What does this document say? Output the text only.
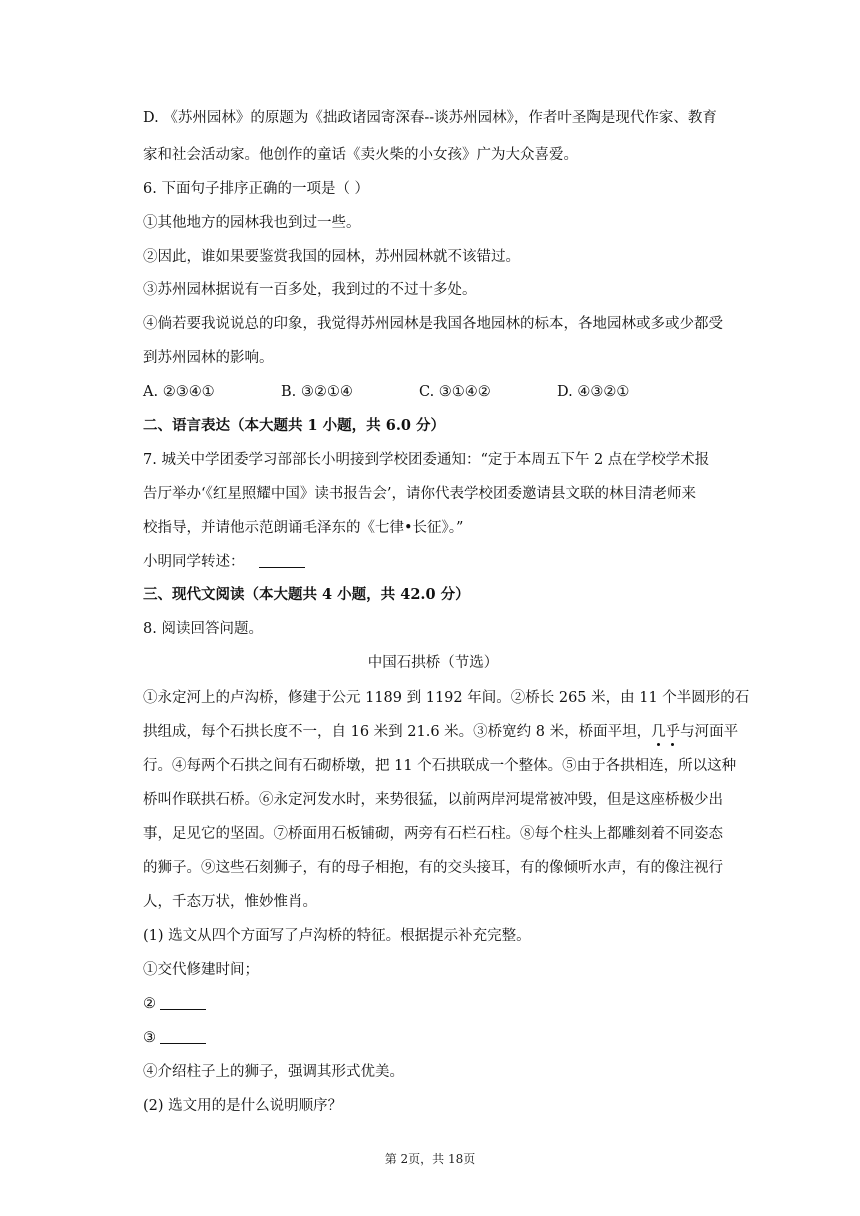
D. 《苏州园林》的原题为《拙政诸园寄深春--谈苏州园林》，作者叶圣陶是现代作家、教育

家和社会活动家。他创作的童话《卖火柴的小女孩》广为大众喜爱。

6. 下面句子排序正确的一项是（ ）

①其他地方的园林我也到过一些。

②因此，谁如果要鉴赏我国的园林，苏州园林就不该错过。

③苏州园林据说有一百多处，我到过的不过十多处。

④倘若要我说说总的印象，我觉得苏州园林是我国各地园林的标本，各地园林或多或少都受

到苏州园林的影响。

A. ②③④①	B. ③②①④	C. ③①④②	D. ④③②①

二、语言表达（本大题共 1 小题，共 6.0 分）

7. 城关中学团委学习部部长小明接到学校团委通知：“定于本周五下午 2 点在学校学术报

告厅举办‘《红星照耀中国》读书报告会’，请你代表学校团委邀请县文联的林目清老师来

校指导，并请他示范朗诵毛泽东的《七律•长征》。”

小明同学转述：

三、现代文阅读（本大题共 4 小题，共 42.0 分）

8. 阅读回答问题。

中国石拱桥（节选）

①永定河上的卢沟桥，修建于公元 1189 到 1192 年间。②桥长 265 米，由 11 个半圆形的石

拱组成，每个石拱长度不一，自 16 米到 21.6 米。③桥宽约 8 米，桥面平坦，几乎与河面平

行。④每两个石拱之间有石砌桥墩，把 11 个石拱联成一个整体。⑤由于各拱相连，所以这种

桥叫作联拱石桥。⑥永定河发水时，来势很猛，以前两岸河堤常被冲毁，但是这座桥极少出

事，足见它的坚固。⑦桥面用石板铺砌，两旁有石栏石柱。⑧每个柱头上都雕刻着不同姿态

的狮子。⑨这些石刻狮子，有的母子相抱，有的交头接耳，有的像倾听水声，有的像注视行

人，千态万状，惟妙惟肖。

(1) 选文从四个方面写了卢沟桥的特征。根据提示补充完整。

①交代修建时间；

②

③

④介绍柱子上的狮子，强调其形式优美。

(2) 选文用的是什么说明顺序？

第 2页，共 18页
